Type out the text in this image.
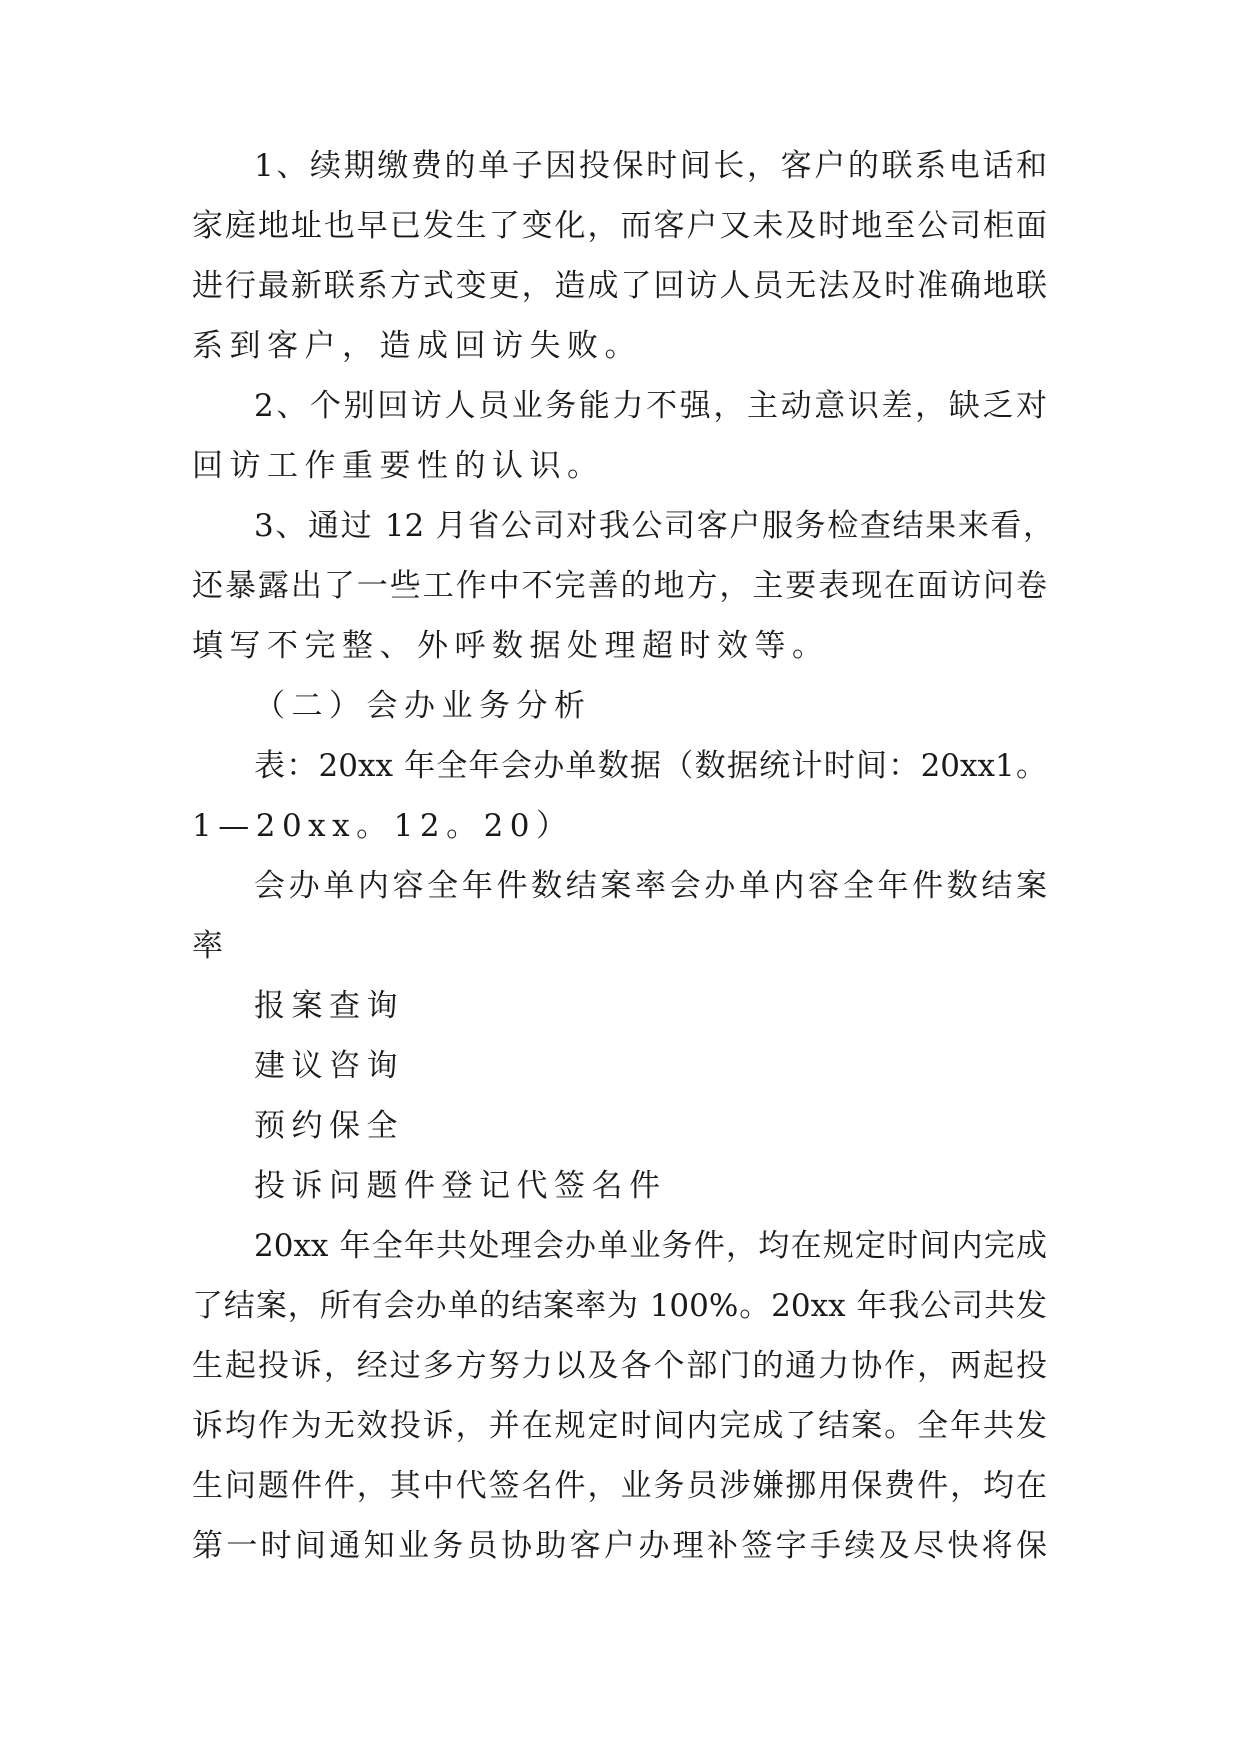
1、续期缴费的单子因投保时间长，客户的联系电话和
家庭地址也早已发生了变化，而客户又未及时地至公司柜面
进行最新联系方式变更，造成了回访人员无法及时准确地联
系到客户，造成回访失败。
2、个别回访人员业务能力不强，主动意识差，缺乏对
回访工作重要性的认识。
3、通过 12 月省公司对我公司客户服务检查结果来看，
还暴露出了一些工作中不完善的地方，主要表现在面访问卷
填写不完整、外呼数据处理超时效等。
（二）会办业务分析
表：20xx 年全年会办单数据（数据统计时间：20xx1。
1—20xx。12。20）
会办单内容全年件数结案率会办单内容全年件数结案
率
报案查询
建议咨询
预约保全
投诉问题件登记代签名件
20xx 年全年共处理会办单业务件，均在规定时间内完成
了结案，所有会办单的结案率为 100%。20xx 年我公司共发
生起投诉，经过多方努力以及各个部门的通力协作，两起投
诉均作为无效投诉，并在规定时间内完成了结案。全年共发
生问题件件，其中代签名件，业务员涉嫌挪用保费件，均在
第一时间通知业务员协助客户办理补签字手续及尽快将保
